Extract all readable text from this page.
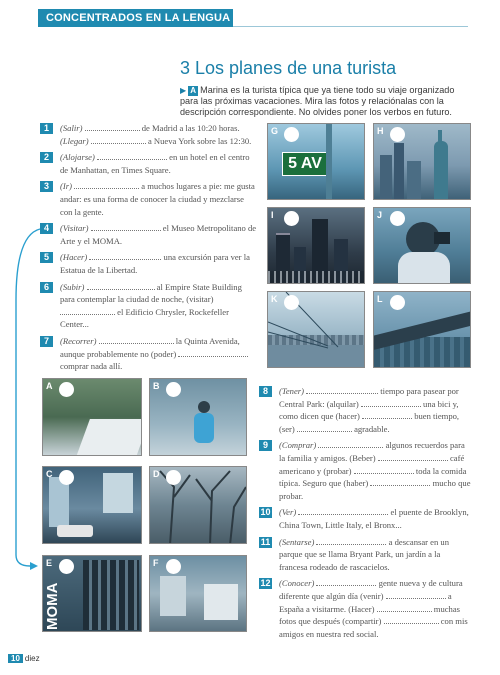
CONCENTRADOS EN LA LENGUA
3 Los planes de una turista
▶ A Marina es la turista típica que ya tiene todo su viaje organizado para las próximas vacaciones. Mira las fotos y relaciónalas con la descripción correspondiente. No olvides poner los verbos en futuro.
1	(Salir)	de Madrid a las 10:20 horas. (Llegar)	a Nueva York sobre las 12:30.
2	(Alojarse)	en un hotel en el centro de Manhattan, en Times Square.
3	(Ir)	a muchos lugares a pie: me gusta andar: es una forma de conocer la ciudad y mezclarse con la gente.
4	(Visitar)	el Museo Metropolitano de Arte y el MOMA.
5	(Hacer)	una excursión para ver la Estatua de la Libertad.
6	(Subir)	al Empire State Building para contemplar la ciudad de noche, (visitar)  el Edificio Chrysler, Rockefeller Center...
7	(Recorrer)	la Quinta Avenida, aunque probablemente no (poder)  comprar nada allí.
5 AV
G	H
I	J
K	L
A	B
C	D
MOMA
E	F
8	(Tener)	tiempo para pasear por Central Park: (alquilar)	una bici y, como dicen que (hacer)	buen tiempo, (ser)	agradable.
9	(Comprar)	algunos recuerdos para la familia y amigos. (Beber)	café americano y (probar)	toda la comida típica. Seguro que (haber)	mucho que probar.
10 (Ver)	el puente de Brooklyn, China Town, Little Italy, el Bronx...
11 (Sentarse)	a descansar en un parque que se llama Bryant Park, un jardín a la francesa rodeado de rascacielos.
12 (Conocer)	gente nueva y de cultura diferente que algún día (venir)	a España a visitarme. (Hacer)	muchas fotos que después (compartir)	con mis amigos en nuestra red social.
10 diez
